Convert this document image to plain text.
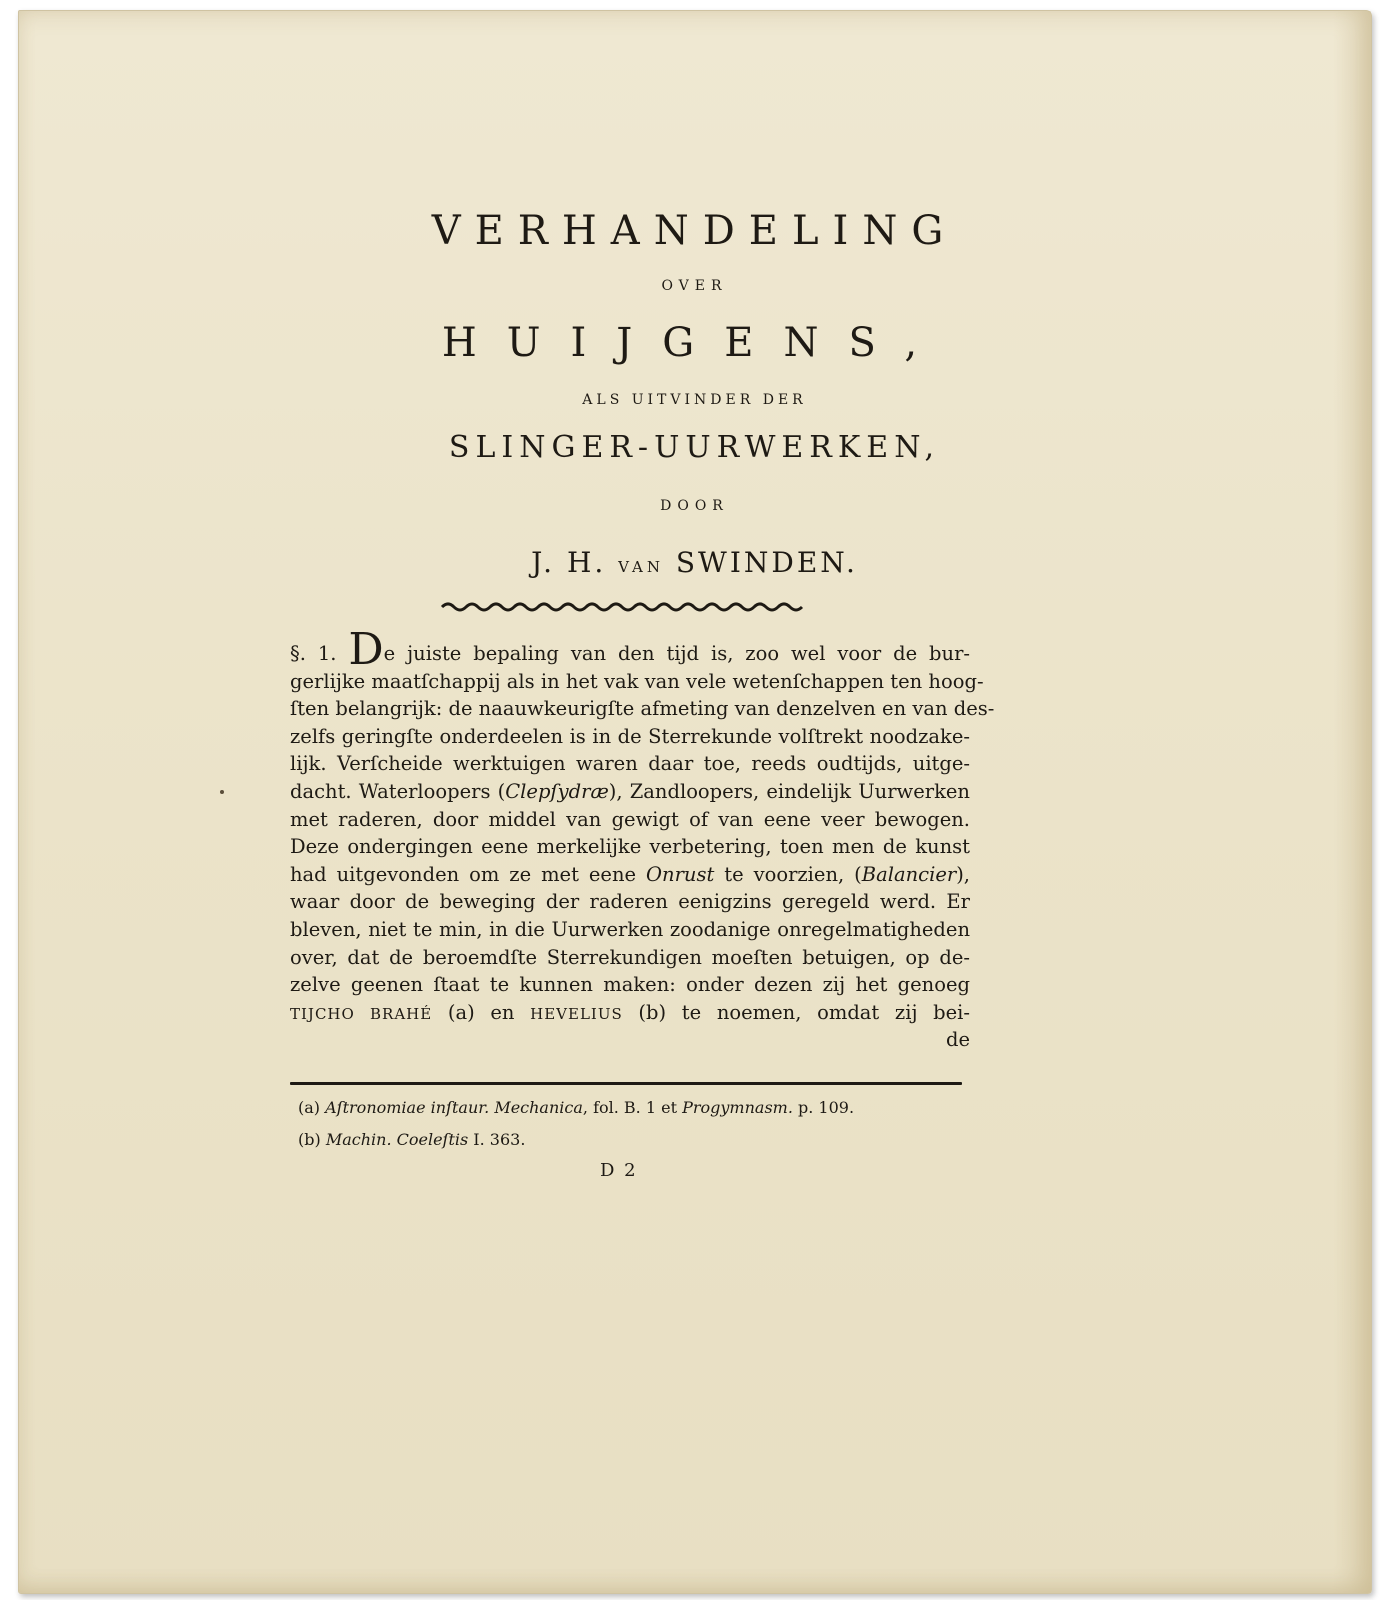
VERHANDELING
OVER
HUIJGENS,
ALS UITVINDER DER
SLINGER-UURWERKEN,
DOOR
J. H. VAN SWINDEN.
§. 1. De juiste bepaling van den tijd is, zoo wel voor de bur-
gerlijke maatſchappij als in het vak van vele wetenſchappen ten hoog-
ſten belangrijk: de naauwkeurigſte afmeting van denzelven en van des-
zelfs geringſte onderdeelen is in de Sterrekunde volſtrekt noodzake-
lijk. Verſcheide werktuigen waren daar toe, reeds oudtijds, uitge-
dacht. Waterloopers (Clepſydræ), Zandloopers, eindelijk Uurwerken
met raderen, door middel van gewigt of van eene veer bewogen.
Deze ondergingen eene merkelijke verbetering, toen men de kunst
had uitgevonden om ze met eene Onrust te voorzien, (Balancier),
waar door de beweging der raderen eenigzins geregeld werd. Er
bleven, niet te min, in die Uurwerken zoodanige onregelmatigheden
over, dat de beroemdſte Sterrekundigen moeſten betuigen, op de-
zelve geenen ſtaat te kunnen maken: onder dezen zij het genoeg
TIJCHO BRAHÉ (a) en HEVELIUS (b) te noemen, omdat zij bei-
de
(a) Aſtronomiae inſtaur. Mechanica, fol. B. 1 et Progymnasm. p. 109.
(b) Machin. Coeleſtis I. 363.
D 2
